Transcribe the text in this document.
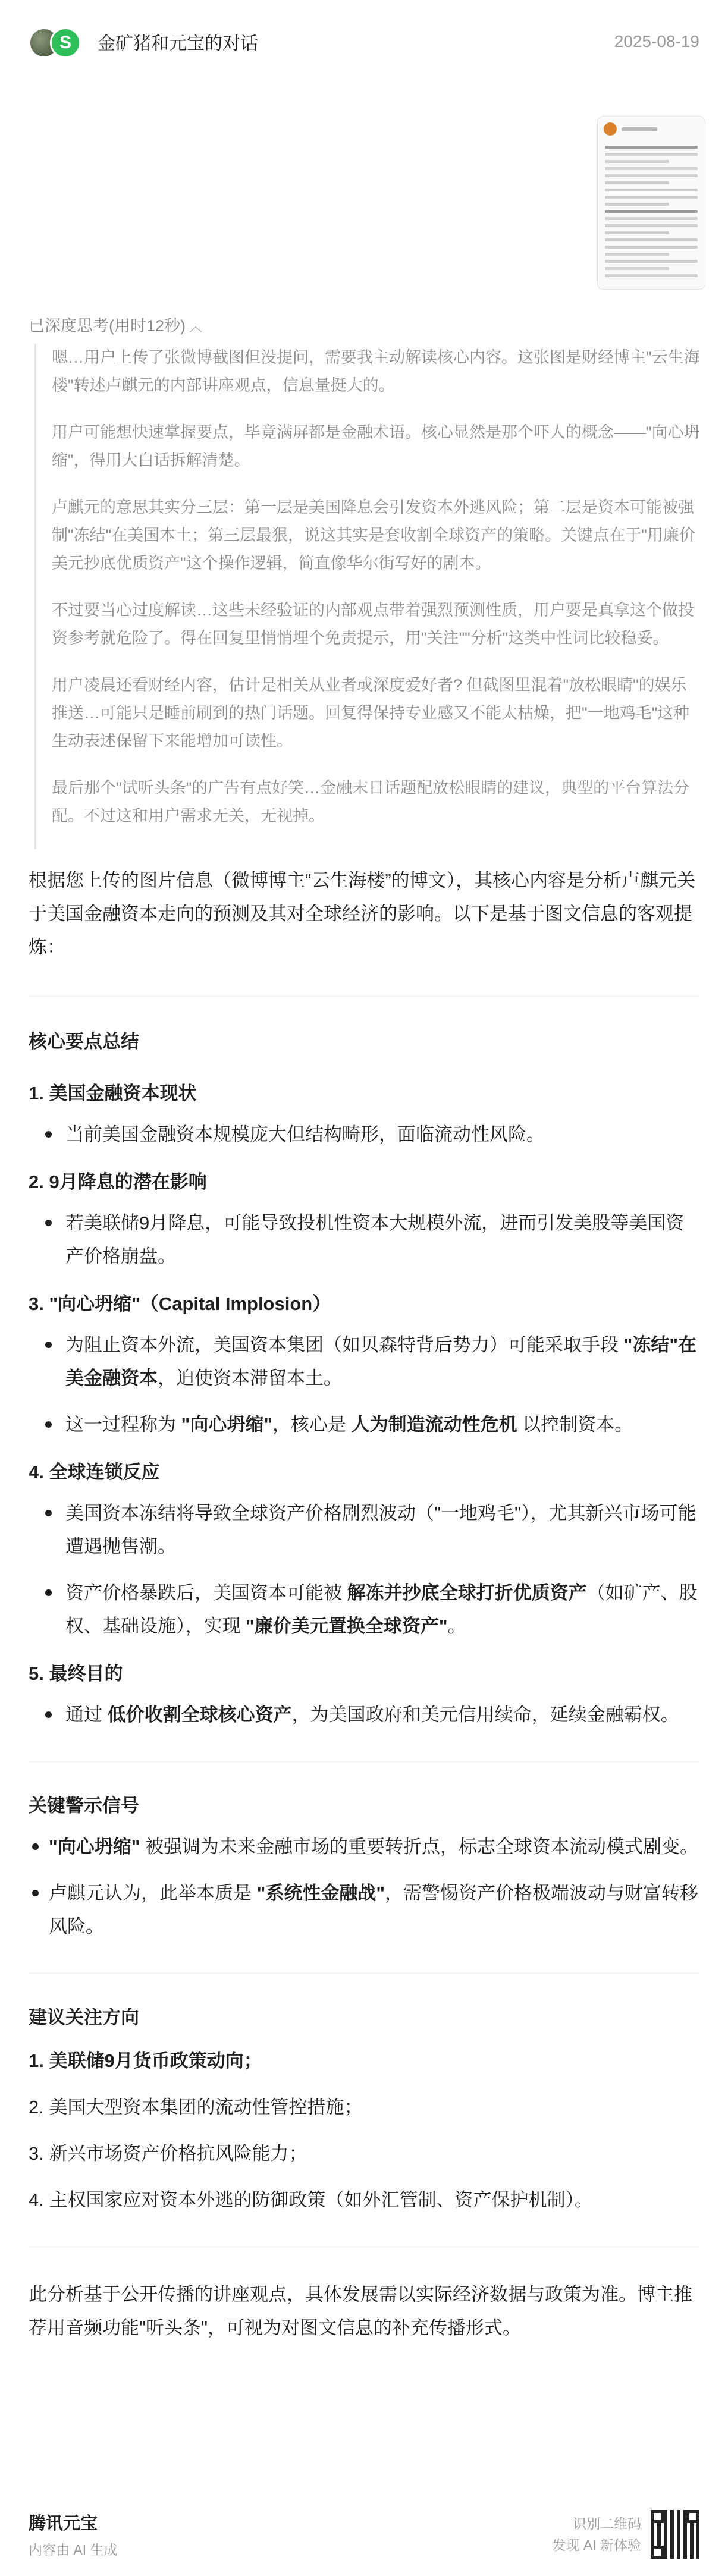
S	金矿猪和元宝的对话	2025-08-19
已深度思考(用时12秒) ︿

嗯…用户上传了张微博截图但没提问，需要我主动解读核心内容。这张图是财经博主"云生海楼"转述卢麒元的内部讲座观点，信息量挺大的。

用户可能想快速掌握要点，毕竟满屏都是金融术语。核心显然是那个吓人的概念——"向心坍缩"，得用大白话拆解清楚。

卢麒元的意思其实分三层：第一层是美国降息会引发资本外逃风险；第二层是资本可能被强制"冻结"在美国本土；第三层最狠，说这其实是套收割全球资产的策略。关键点在于"用廉价美元抄底优质资产"这个操作逻辑，简直像华尔街写好的剧本。

不过要当心过度解读…这些未经验证的内部观点带着强烈预测性质，用户要是真拿这个做投资参考就危险了。得在回复里悄悄埋个免责提示，用"关注""分析"这类中性词比较稳妥。

用户凌晨还看财经内容，估计是相关从业者或深度爱好者? 但截图里混着"放松眼睛"的娱乐推送…可能只是睡前刷到的热门话题。回复得保持专业感又不能太枯燥，把"一地鸡毛"这种生动表述保留下来能增加可读性。

最后那个"试听头条"的广告有点好笑…金融末日话题配放松眼睛的建议，典型的平台算法分配。不过这和用户需求无关，无视掉。

根据您上传的图片信息（微博博主“云生海楼”的博文），其核心内容是分析卢麒元关于美国金融资本走向的预测及其对全球经济的影响。以下是基于图文信息的客观提炼：

核心要点总结
1. 美国金融资本现状
当前美国金融资本规模庞大但结构畸形，面临流动性风险。
2. 9月降息的潜在影响
若美联储9月降息，可能导致投机性资本大规模外流，进而引发美股等美国资产价格崩盘。
3. "向心坍缩"（Capital Implosion）
为阻止资本外流，美国资本集团（如贝森特背后势力）可能采取手段 "冻结"在美金融资本，迫使资本滞留本土。
这一过程称为 "向心坍缩"，核心是 人为制造流动性危机 以控制资本。
4. 全球连锁反应
美国资本冻结将导致全球资产价格剧烈波动（"一地鸡毛"），尤其新兴市场可能遭遇抛售潮。
资产价格暴跌后，美国资本可能被 解冻并抄底全球打折优质资产（如矿产、股权、基础设施），实现 "廉价美元置换全球资产"。
5. 最终目的
通过 低价收割全球核心资产，为美国政府和美元信用续命，延续金融霸权。
关键警示信号
"向心坍缩" 被强调为未来金融市场的重要转折点，标志全球资本流动模式剧变。
卢麒元认为，此举本质是 "系统性金融战"，需警惕资产价格极端波动与财富转移风险。
建议关注方向
1. 美联储9月货币政策动向；
2. 美国大型资本集团的流动性管控措施；
3. 新兴市场资产价格抗风险能力；
4. 主权国家应对资本外逃的防御政策（如外汇管制、资产保护机制）。
此分析基于公开传播的讲座观点，具体发展需以实际经济数据与政策为准。博主推荐用音频功能"听头条"，可视为对图文信息的补充传播形式。
腾讯元宝
内容由 AI 生成
识别二维码
发现 AI 新体验
